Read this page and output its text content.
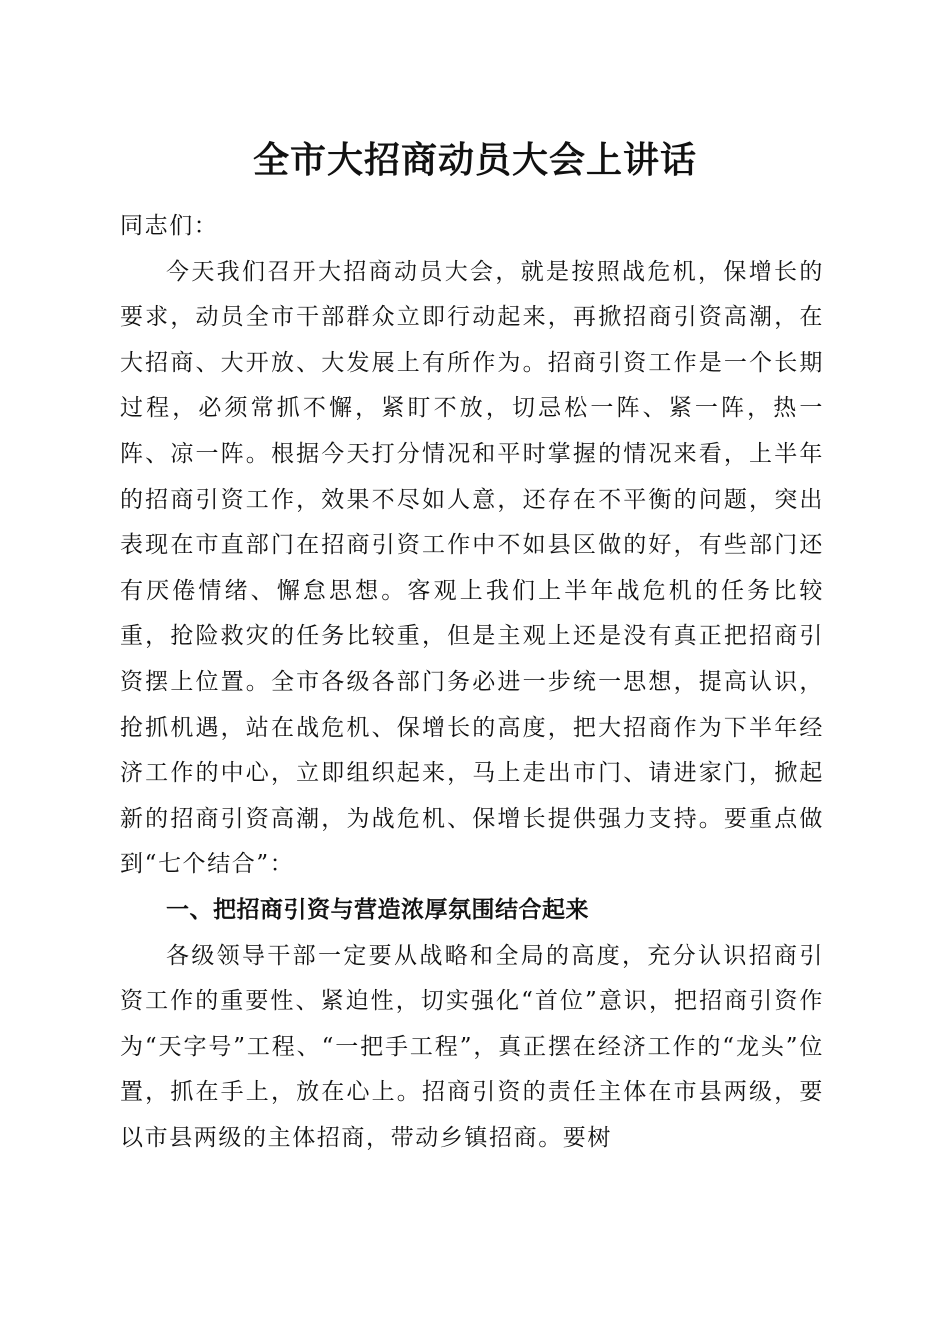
全市大招商动员大会上讲话

同志们：

今天我们召开大招商动员大会，就是按照战危机，保增长的要求，动员全市干部群众立即行动起来，再掀招商引资高潮，在大招商、大开放、大发展上有所作为。招商引资工作是一个长期过程，必须常抓不懈，紧盯不放，切忌松一阵、紧一阵，热一阵、凉一阵。根据今天打分情况和平时掌握的情况来看，上半年的招商引资工作，效果不尽如人意，还存在不平衡的问题，突出表现在市直部门在招商引资工作中不如县区做的好，有些部门还有厌倦情绪、懈怠思想。客观上我们上半年战危机的任务比较重，抢险救灾的任务比较重，但是主观上还是没有真正把招商引资摆上位置。全市各级各部门务必进一步统一思想，提高认识，抢抓机遇，站在战危机、保增长的高度，把大招商作为下半年经济工作的中心，立即组织起来，马上走出市门、请进家门，掀起新的招商引资高潮，为战危机、保增长提供强力支持。要重点做到“七个结合”：

一、把招商引资与营造浓厚氛围结合起来

各级领导干部一定要从战略和全局的高度，充分认识招商引资工作的重要性、紧迫性，切实强化“首位”意识，把招商引资作为“天字号”工程、“一把手工程”，真正摆在经济工作的“龙头”位置，抓在手上，放在心上。招商引资的责任主体在市县两级，要以市县两级的主体招商，带动乡镇招商。要树
